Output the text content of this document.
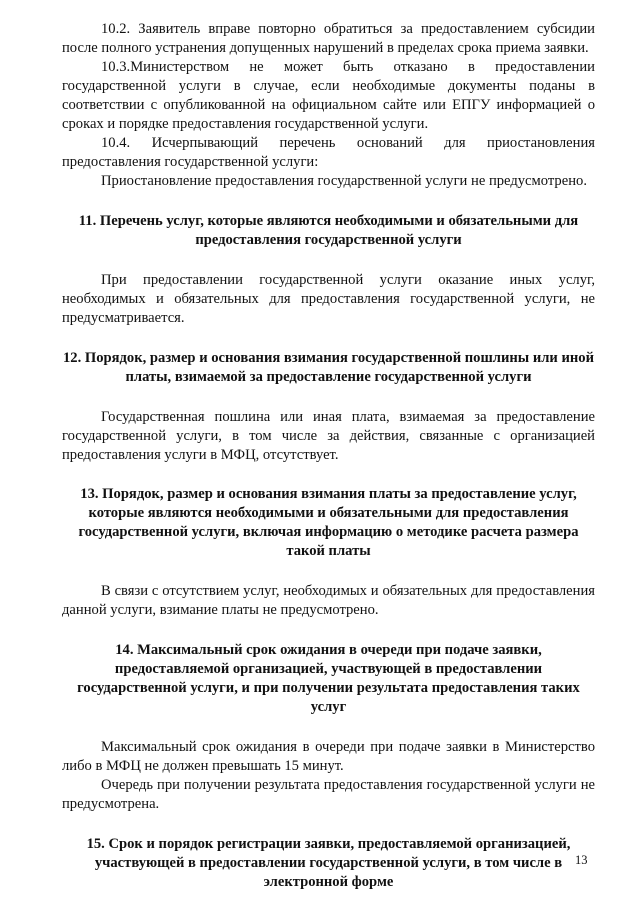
10.2. Заявитель вправе повторно обратиться за предоставлением субсидии после полного устранения допущенных нарушений в пределах срока приема заявки.

10.3.Министерством не может быть отказано в предоставлении государственной услуги в случае, если необходимые документы поданы в соответствии с опубликованной на официальном сайте или ЕПГУ информацией о сроках и порядке предоставления государственной услуги.

10.4. Исчерпывающий перечень оснований для приостановления предоставления государственной услуги:

Приостановление предоставления государственной услуги не предусмотрено.

11. Перечень услуг, которые являются необходимыми и обязательными для предоставления государственной услуги

При предоставлении государственной услуги оказание иных услуг, необходимых и обязательных для предоставления государственной услуги, не предусматривается.

12. Порядок, размер и основания взимания государственной пошлины или иной платы, взимаемой за предоставление государственной услуги

Государственная пошлина или иная плата, взимаемая за предоставление государственной услуги, в том числе за действия, связанные с организацией предоставления услуги в МФЦ, отсутствует.

13. Порядок, размер и основания взимания платы за предоставление услуг, которые являются необходимыми и обязательными для предоставления государственной услуги, включая информацию о методике расчета размера такой платы

В связи с отсутствием услуг, необходимых и обязательных для предоставления данной услуги, взимание платы не предусмотрено.

14. Максимальный срок ожидания в очереди при подаче заявки, предоставляемой организацией, участвующей в предоставлении государственной услуги, и при получении результата предоставления таких услуг

Максимальный срок ожидания в очереди при подаче заявки в Министерство либо в МФЦ не должен превышать 15 минут.

Очередь при получении результата предоставления государственной услуги не предусмотрена.

15. Срок и порядок регистрации заявки, предоставляемой организацией, участвующей в предоставлении государственной услуги, в том числе в электронной форме
13
